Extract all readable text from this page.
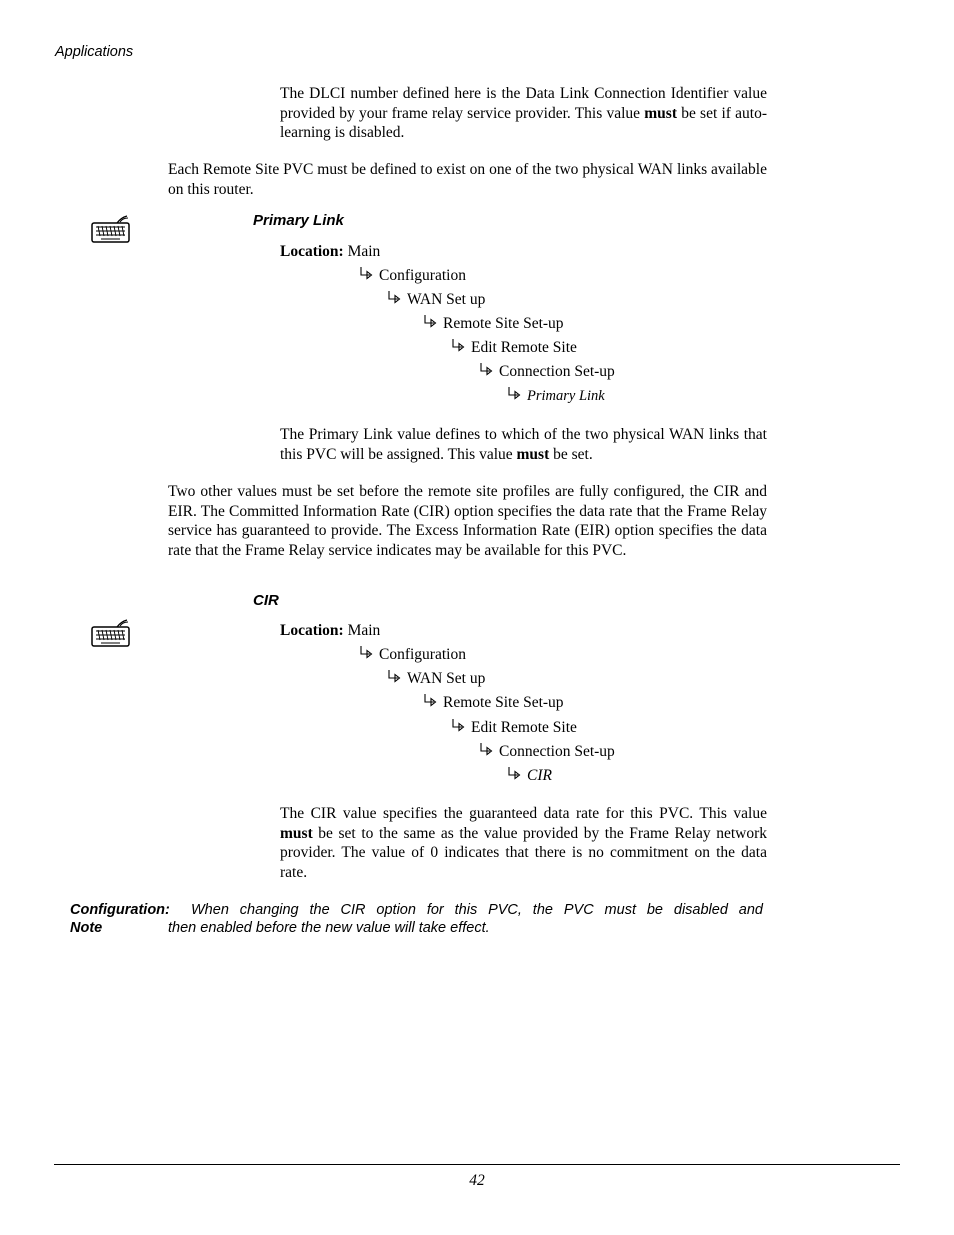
Applications
The DLCI number defined here is the Data Link Connection Identifier value provided by your frame relay service provider. This value must be set if auto-learning is disabled.
Each Remote Site PVC must be defined to exist on one of the two physical WAN links available on this router.
Primary Link
Location: Main
Configuration
WAN Set up
Remote Site Set-up
Edit Remote Site
Connection Set-up
Primary Link
The Primary Link value defines to which of the two physical WAN links that this PVC will be assigned. This value must be set.
Two other values must be set before the remote site profiles are fully configured, the CIR and EIR. The Committed Information Rate (CIR) option specifies the data rate that the Frame Relay service has guaranteed to provide. The Excess Information Rate (EIR) option specifies the data rate that the Frame Relay service indicates may be available for this PVC.
CIR
Location: Main
Configuration
WAN Set up
Remote Site Set-up
Edit Remote Site
Connection Set-up
CIR
The CIR value specifies the guaranteed data rate for this PVC. This value must be set to the same as the value provided by the Frame Relay network provider. The value of 0 indicates that there is no commitment on the data rate.
Configuration:
Note
When changing the CIR option for this PVC, the PVC must be disabled and
then enabled before the new value will take effect.
42
